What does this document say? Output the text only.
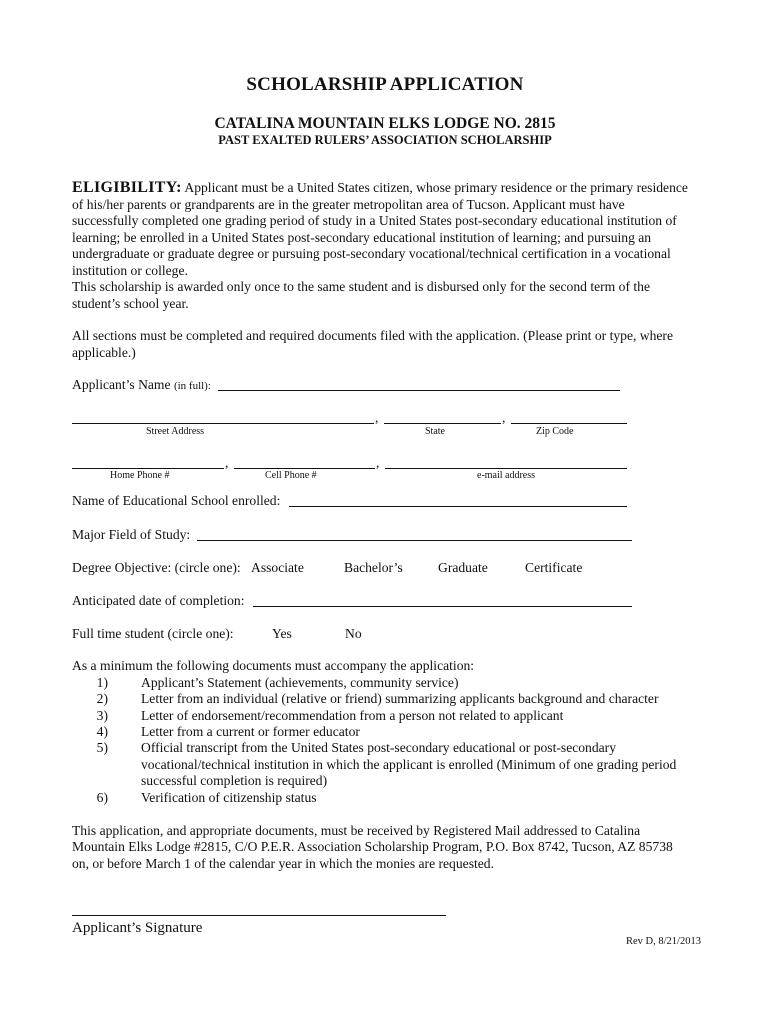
SCHOLARSHIP APPLICATION
CATALINA MOUNTAIN ELKS LODGE NO. 2815
PAST EXALTED RULERS’ ASSOCIATION SCHOLARSHIP
ELIGIBILITY: Applicant must be a United States citizen, whose primary residence or the primary residence
of his/her parents or grandparents are in the greater metropolitan area of Tucson. Applicant must have
successfully completed one grading period of study in a United States post-secondary educational institution of
learning; be enrolled in a United States post-secondary educational institution of learning; and pursuing an
undergraduate or graduate degree or pursuing post-secondary vocational/technical certification in a vocational
institution or college.
This scholarship is awarded only once to the same student and is disbursed only for the second term of the
student’s school year.
All sections must be completed and required documents filed with the application. (Please print or type, where
applicable.)
Applicant’s Name (in full):
,	,
Street Address	State	Zip Code
,	,
Home Phone #	Cell Phone #	e-mail address
Name of Educational School enrolled:
Major Field of Study:
Degree Objective: (circle one): Associate	Bachelor’s	Graduate	Certificate
Anticipated date of completion:
Full time student (circle one):	Yes	No
As a minimum the following documents must accompany the application:
1) Applicant’s Statement (achievements, community service)
2) Letter from an individual (relative or friend) summarizing applicants background and character
3) Letter of endorsement/recommendation from a person not related to applicant
4) Letter from a current or former educator
5) Official transcript from the United States post-secondary educational or post-secondary
vocational/technical institution in which the applicant is enrolled (Minimum of one grading period
successful completion is required)
6) Verification of citizenship status
This application, and appropriate documents, must be received by Registered Mail addressed to Catalina
Mountain Elks Lodge #2815, C/O P.E.R. Association Scholarship Program, P.O. Box 8742, Tucson, AZ 85738
on, or before March 1 of the calendar year in which the monies are requested.
Applicant’s Signature
Rev D, 8/21/2013
